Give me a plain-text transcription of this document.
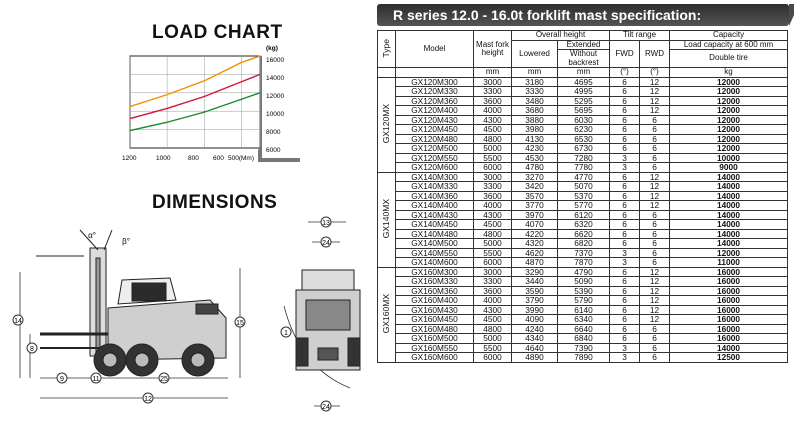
LOAD CHART
(kg)
16000
14000
12000
10000
8000
6000
1200	1000	800 600 500(Mm)
DIMENSIONS
α°
β°
14
8
9	11	25
12
15
13
24
1
24
R series 12.0 - 16.0t forklift mast specification:
Type	Model	Mast fork height	Overall height		Tilt range		Capacity
			Lowered	Extended	FWD	RWD	Load capacity at 600 mm
				Without backrest			Double tire
		mm	mm	mm	(°)	(°)	kg
GX120MX	GX120M300	3000	3180	4695	6	12	12000
	GX120M330	3300	3330	4995	6	12	12000
	GX120M360	3600	3480	5295	6	12	12000
	GX120M400	4000	3680	5695	6	12	12000
	GX120M430	4300	3880	6030	6	6	12000
	GX120M450	4500	3980	6230	6	6	12000
	GX120M480	4800	4130	6530	6	6	12000
	GX120M500	5000	4230	6730	6	6	12000
	GX120M550	5500	4530	7280	3	6	10000
	GX120M600	6000	4780	7780	3	6	9000
GX140MX	GX140M300	3000	3270	4770	6	12	14000
	GX140M330	3300	3420	5070	6	12	14000
	GX140M360	3600	3570	5370	6	12	14000
	GX140M400	4000	3770	5770	6	12	14000
	GX140M430	4300	3970	6120	6	6	14000
	GX140M450	4500	4070	6320	6	6	14000
	GX140M480	4800	4220	6620	6	6	14000
	GX140M500	5000	4320	6820	6	6	14000
	GX140M550	5500	4620	7370	3	6	12000
	GX140M600	6000	4870	7870	3	6	11000
GX160MX	GX160M300	3000	3290	4790	6	12	16000
	GX160M330	3300	3440	5090	6	12	16000
	GX160M360	3600	3590	5390	6	12	16000
	GX160M400	4000	3790	5790	6	12	16000
	GX160M430	4300	3990	6140	6	12	16000
	GX160M450	4500	4090	6340	6	12	16000
	GX160M480	4800	4240	6640	6	6	16000
	GX160M500	5000	4340	6840	6	6	16000
	GX160M550	5500	4640	7390	3	6	14000
	GX160M600	6000	4890	7890	3	6	12500
